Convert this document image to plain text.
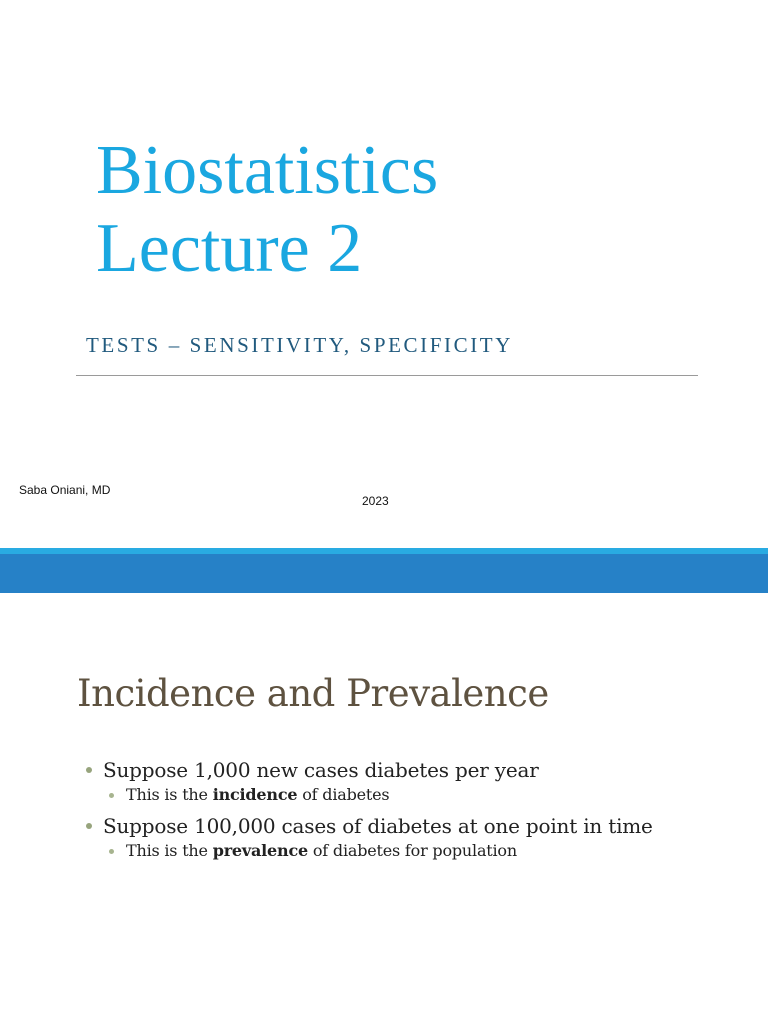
Biostatistics
Lecture 2
TESTS – SENSITIVITY, SPECIFICITY
Saba Oniani, MD
2023
Incidence and Prevalence
Suppose 1,000 new cases diabetes per year
This is the incidence of diabetes
Suppose 100,000 cases of diabetes at one point in time
This is the prevalence of diabetes for population
